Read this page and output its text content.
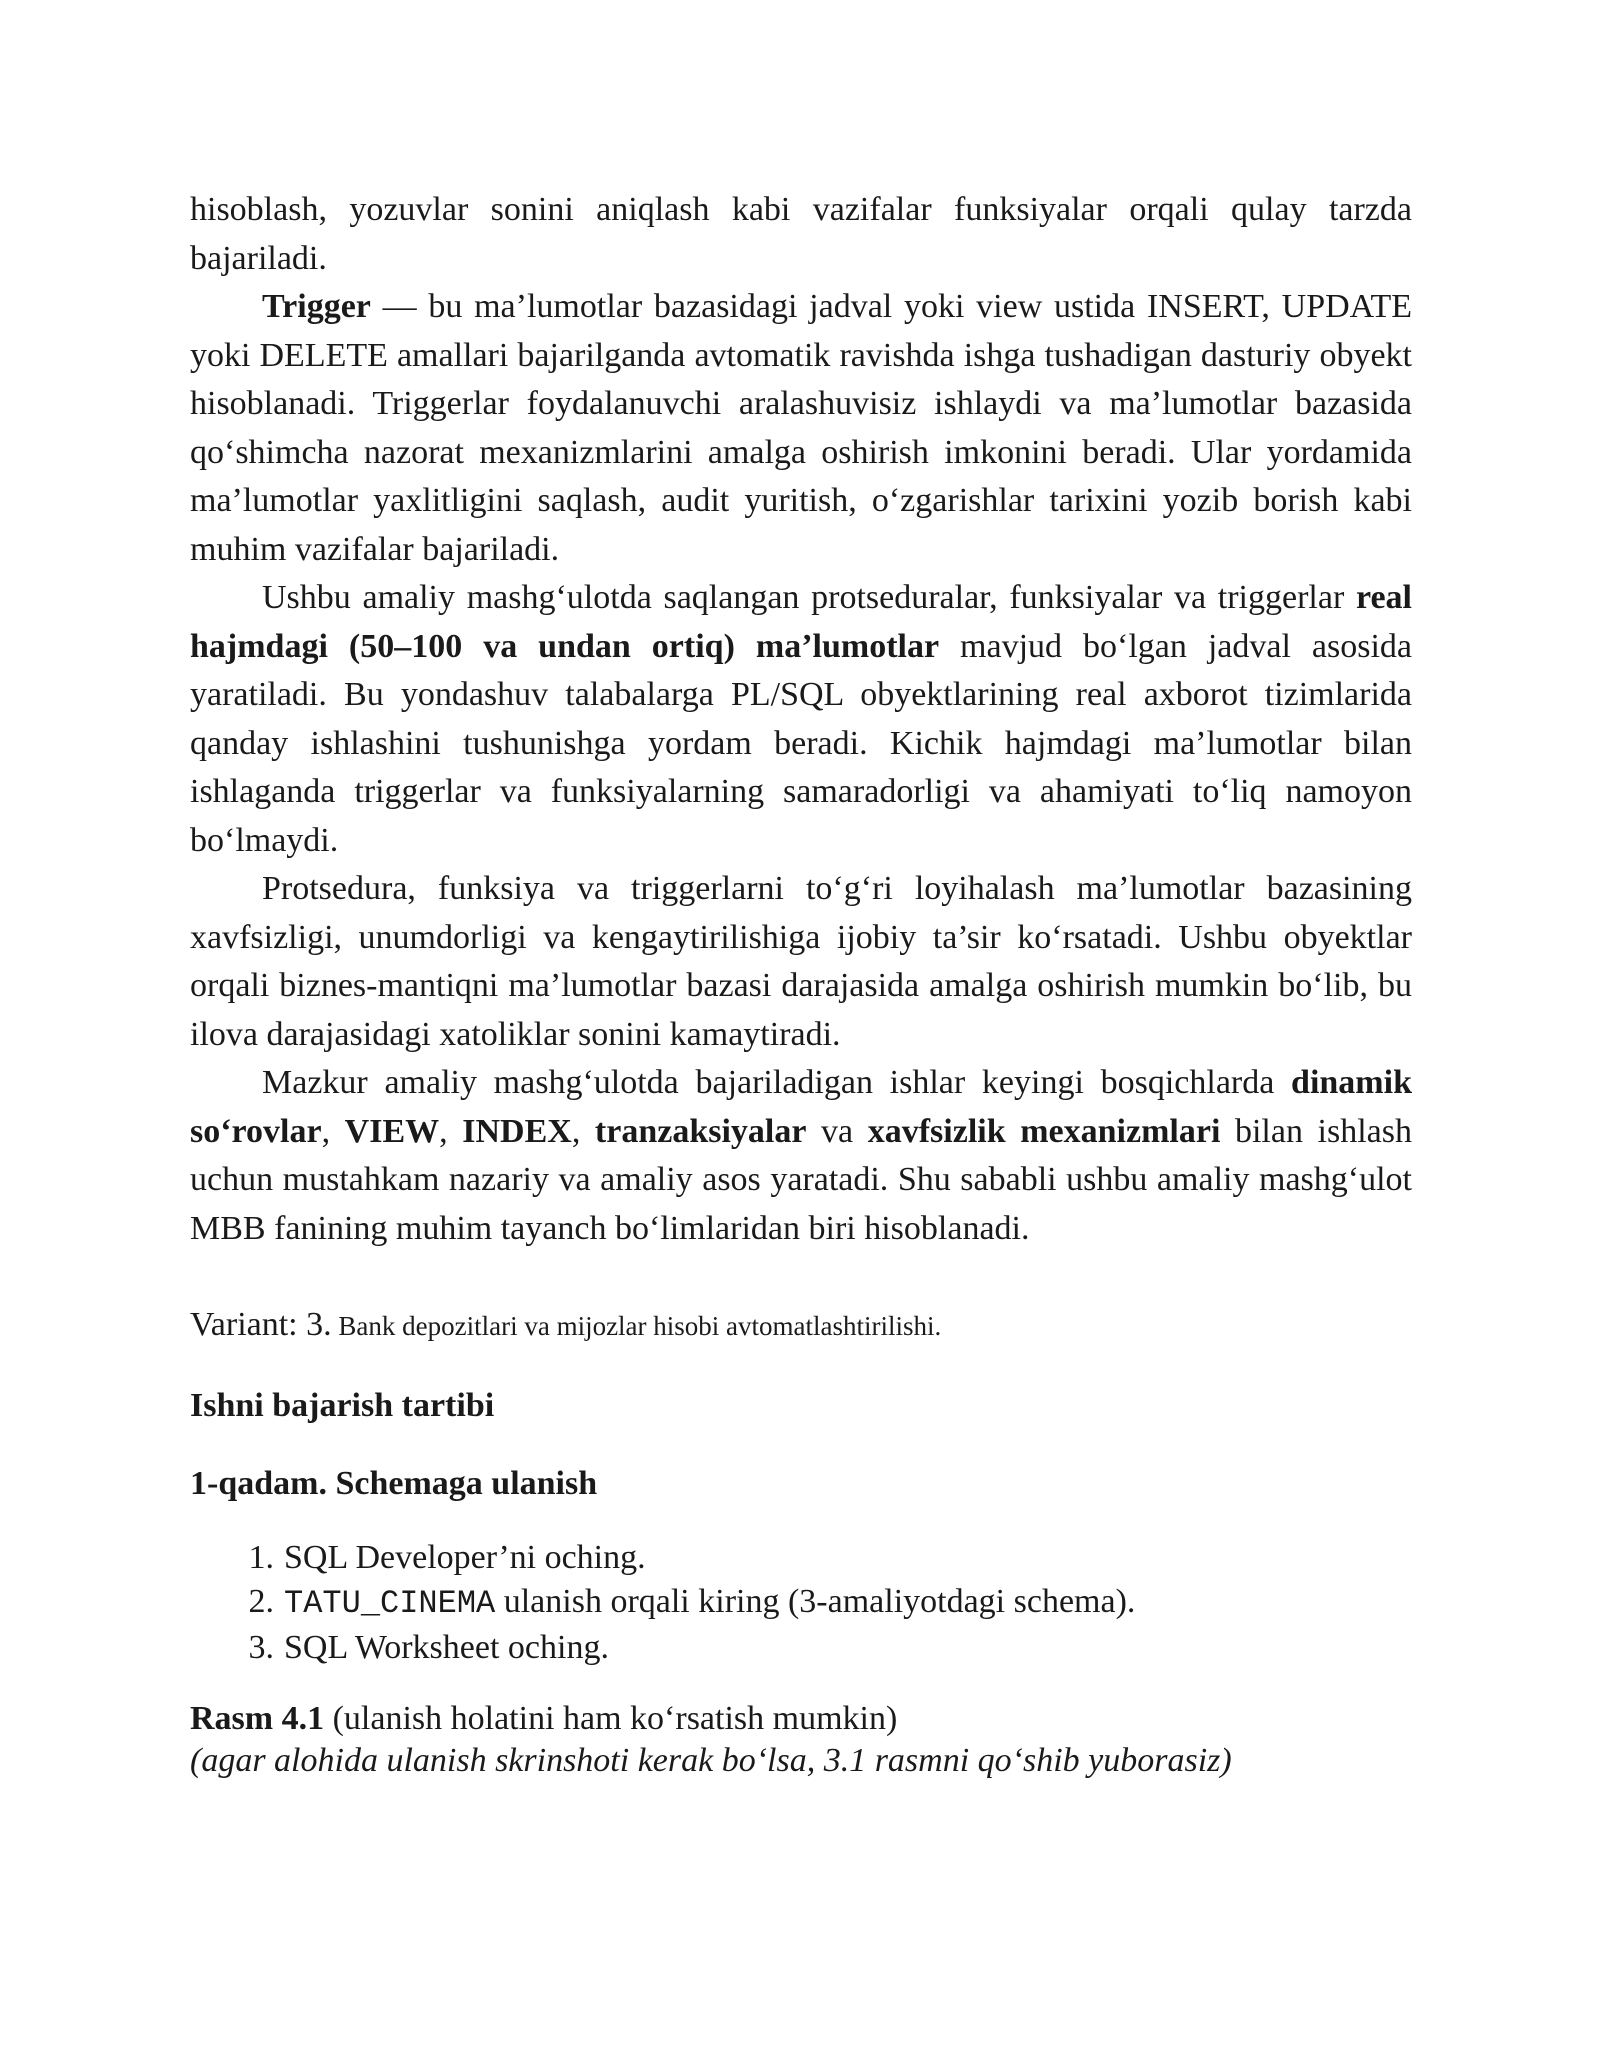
hisoblash, yozuvlar sonini aniqlash kabi vazifalar funksiyalar orqali qulay tarzda bajariladi.

Trigger — bu ma’lumotlar bazasidagi jadval yoki view ustida INSERT, UPDATE yoki DELETE amallari bajarilganda avtomatik ravishda ishga tushadigan dasturiy obyekt hisoblanadi. Triggerlar foydalanuvchi aralashuvisiz ishlaydi va ma’lumotlar bazasida qo‘shimcha nazorat mexanizmlarini amalga oshirish imkonini beradi. Ular yordamida ma’lumotlar yaxlitligini saqlash, audit yuritish, o‘zgarishlar tarixini yozib borish kabi muhim vazifalar bajariladi.

Ushbu amaliy mashg‘ulotda saqlangan protseduralar, funksiyalar va triggerlar real hajmdagi (50–100 va undan ortiq) ma’lumotlar mavjud bo‘lgan jadval asosida yaratiladi. Bu yondashuv talabalarga PL/SQL obyektlarining real axborot tizimlarida qanday ishlashini tushunishga yordam beradi. Kichik hajmdagi ma’lumotlar bilan ishlaganda triggerlar va funksiyalarning samaradorligi va ahamiyati to‘liq namoyon bo‘lmaydi.

Protsedura, funksiya va triggerlarni to‘g‘ri loyihalash ma’lumotlar bazasining xavfsizligi, unumdorligi va kengaytirilishiga ijobiy ta’sir ko‘rsatadi. Ushbu obyektlar orqali biznes-mantiqni ma’lumotlar bazasi darajasida amalga oshirish mumkin bo‘lib, bu ilova darajasidagi xatoliklar sonini kamaytiradi.

Mazkur amaliy mashg‘ulotda bajariladigan ishlar keyingi bosqichlarda dinamik so‘rovlar, VIEW, INDEX, tranzaksiyalar va xavfsizlik mexanizmlari bilan ishlash uchun mustahkam nazariy va amaliy asos yaratadi. Shu sababli ushbu amaliy mashg‘ulot MBB fanining muhim tayanch bo‘limlaridan biri hisoblanadi.

Variant: 3. Bank depozitlari va mijozlar hisobi avtomatlashtirilishi.

Ishni bajarish tartibi

1-qadam. Schemaga ulanish

1. SQL Developer’ni oching.
2. TATU_CINEMA ulanish orqali kiring (3-amaliyotdagi schema).
3. SQL Worksheet oching.
Rasm 4.1 (ulanish holatini ham ko‘rsatish mumkin)
(agar alohida ulanish skrinshoti kerak bo‘lsa, 3.1 rasmni qo‘shib yuborasiz)
